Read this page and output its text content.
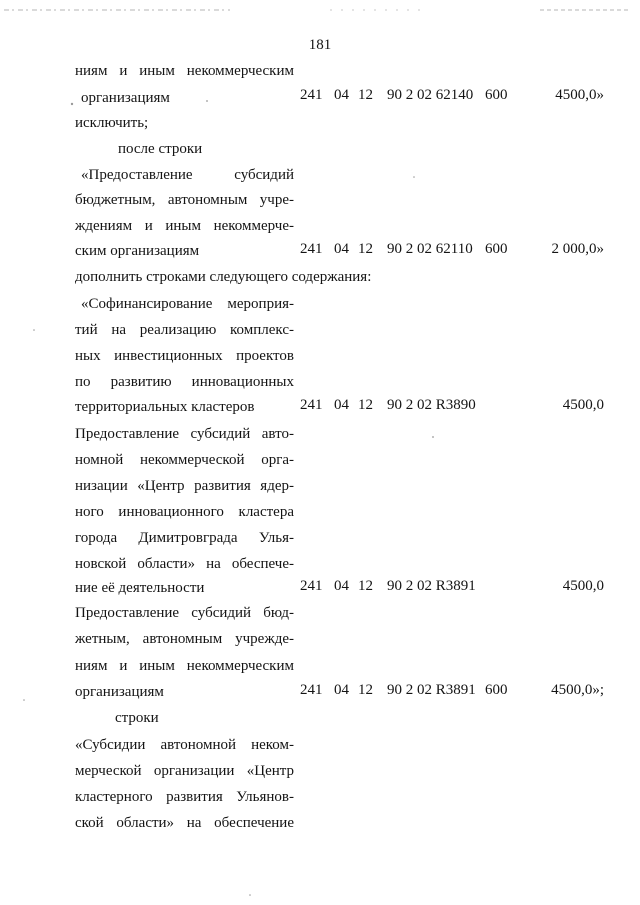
181
ниям и иным некоммерческим
организациям	241 04 12 90 2 02 62140 600	4500,0»
исключить;
после строки
«Предоставление субсидий
бюджетным, автономным учре-
ждениям и иным некоммерче-
ским организациям	241 04 12 90 2 02 62110 600	2 000,0»
дополнить строками следующего содержания:
«Софинансирование мероприя-
тий на реализацию комплекс-
ных инвестиционных проектов
по развитию инновационных
территориальных кластеров	241 04 12 90 2 02 R3890	4500,0
Предоставление субсидий авто-
номной некоммерческой орга-
низации «Центр развития ядер-
ного инновационного кластера
города Димитровграда Улья-
новской области» на обеспече-
ние её деятельности	241 04 12 90 2 02 R3891	4500,0
Предоставление субсидий бюд-
жетным, автономным учрежде-
ниям и иным некоммерческим
организациям	241 04 12 90 2 02 R3891 600	4500,0»;
строки
«Субсидии автономной неком-
мерческой организации «Центр
кластерного развития Ульянов-
ской области» на обеспечение
